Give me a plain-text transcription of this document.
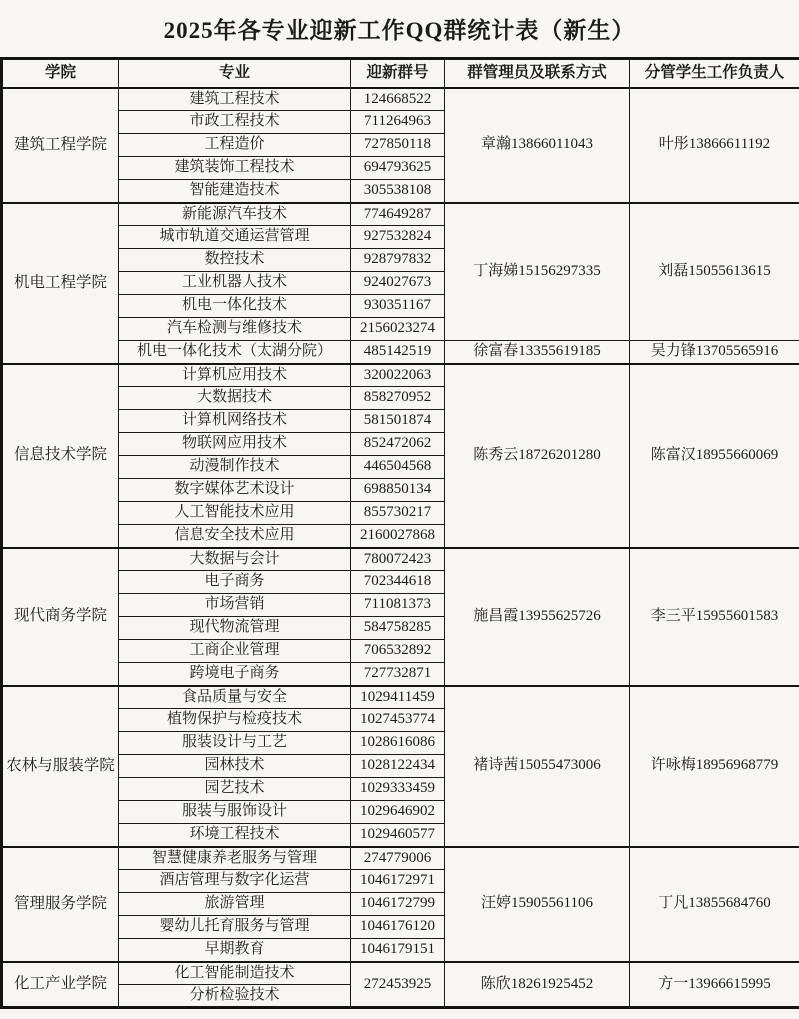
2025年各专业迎新工作QQ群统计表（新生）
学院	专业	迎新群号	群管理员及联系方式	分管学生工作负责人
建筑工程学院	建筑工程技术	124668522	章瀚13866011043	叶彤13866611192
	市政工程技术	711264963		
	工程造价	727850118		
	建筑装饰工程技术	694793625		
	智能建造技术	305538108		
机电工程学院	新能源汽车技术	774649287	丁海娣15156297335	刘磊15055613615
	城市轨道交通运营管理	927532824		
	数控技术	928797832		
	工业机器人技术	924027673		
	机电一体化技术	930351167		
	汽车检测与维修技术	2156023274		
	机电一体化技术（太湖分院）	485142519	徐富春13355619185	吴力锋13705565916
信息技术学院	计算机应用技术	320022063	陈秀云18726201280	陈富汉18955660069
	大数据技术	858270952		
	计算机网络技术	581501874		
	物联网应用技术	852472062		
	动漫制作技术	446504568		
	数字媒体艺术设计	698850134		
	人工智能技术应用	855730217		
	信息安全技术应用	2160027868		
现代商务学院	大数据与会计	780072423	施昌霞13955625726	李三平15955601583
	电子商务	702344618		
	市场营销	711081373		
	现代物流管理	584758285		
	工商企业管理	706532892		
	跨境电子商务	727732871		
农林与服装学院	食品质量与安全	1029411459	褚诗茜15055473006	许咏梅18956968779
	植物保护与检疫技术	1027453774		
	服装设计与工艺	1028616086		
	园林技术	1028122434		
	园艺技术	1029333459		
	服装与服饰设计	1029646902		
	环境工程技术	1029460577		
管理服务学院	智慧健康养老服务与管理	274779006	汪婷15905561106	丁凡13855684760
	酒店管理与数字化运营	1046172971		
	旅游管理	1046172799		
	婴幼儿托育服务与管理	1046176120		
	早期教育	1046179151		
化工产业学院	化工智能制造技术	272453925	陈欣18261925452	方一13966615995
	分析检验技术			
